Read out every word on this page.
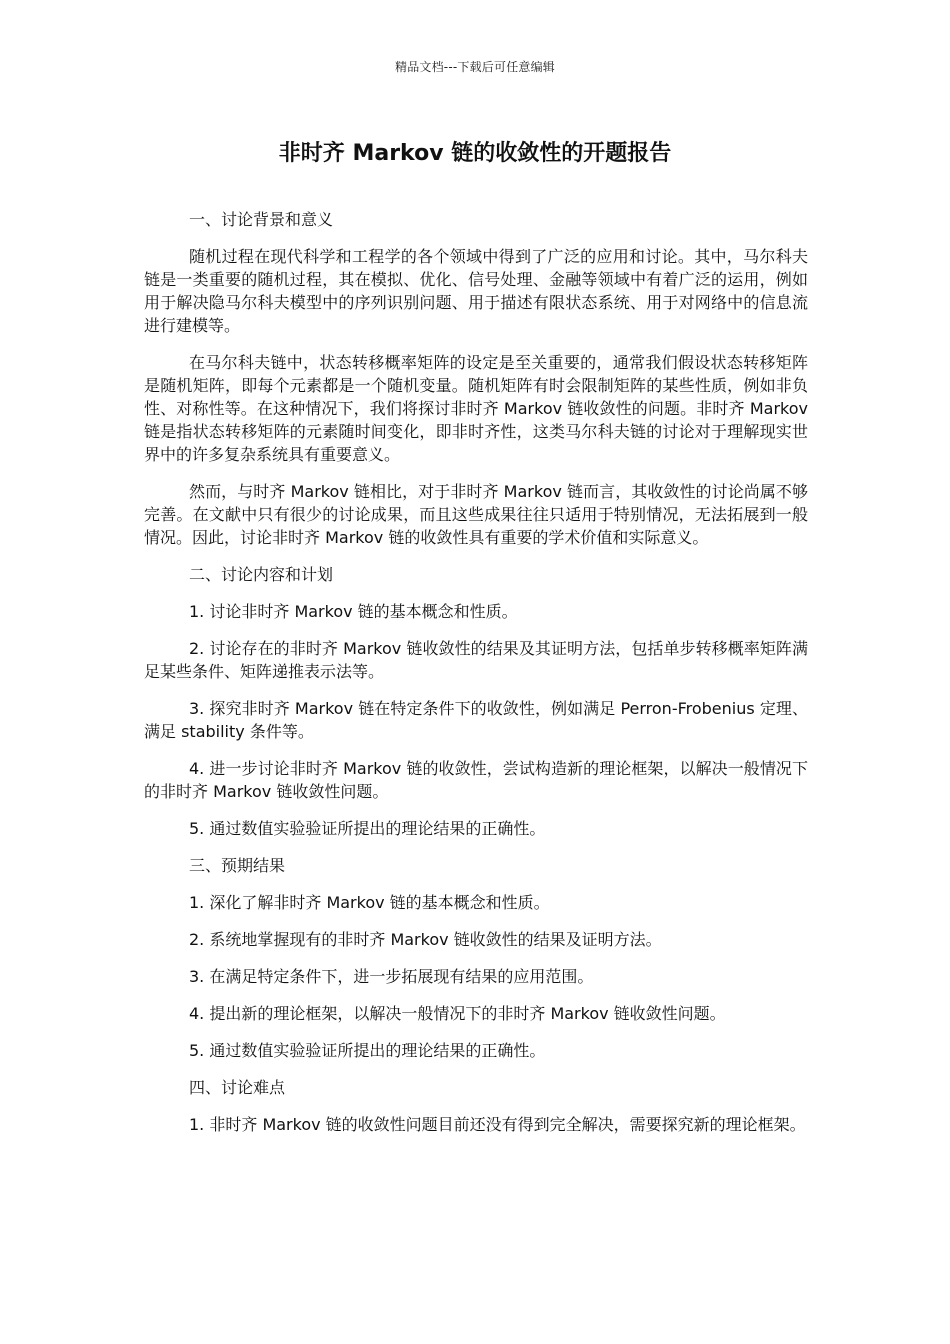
精品文档---下载后可任意编辑
非时齐 Markov 链的收敛性的开题报告

一、讨论背景和意义

随机过程在现代科学和工程学的各个领域中得到了广泛的应用和讨论。其中，马尔科夫链是一类重要的随机过程，其在模拟、优化、信号处理、金融等领域中有着广泛的运用，例如用于解决隐马尔科夫模型中的序列识别问题、用于描述有限状态系统、用于对网络中的信息流进行建模等。

在马尔科夫链中，状态转移概率矩阵的设定是至关重要的，通常我们假设状态转移矩阵是随机矩阵，即每个元素都是一个随机变量。随机矩阵有时会限制矩阵的某些性质，例如非负性、对称性等。在这种情况下，我们将探讨非时齐 Markov 链收敛性的问题。非时齐 Markov 链是指状态转移矩阵的元素随时间变化，即非时齐性，这类马尔科夫链的讨论对于理解现实世界中的许多复杂系统具有重要意义。

然而，与时齐 Markov 链相比，对于非时齐 Markov 链而言，其收敛性的讨论尚属不够完善。在文献中只有很少的讨论成果，而且这些成果往往只适用于特别情况，无法拓展到一般情况。因此，讨论非时齐 Markov 链的收敛性具有重要的学术价值和实际意义。

二、讨论内容和计划

1. 讨论非时齐 Markov 链的基本概念和性质。

2. 讨论存在的非时齐 Markov 链收敛性的结果及其证明方法，包括单步转移概率矩阵满足某些条件、矩阵递推表示法等。

3. 探究非时齐 Markov 链在特定条件下的收敛性，例如满足 Perron-Frobenius 定理、满足 stability 条件等。

4. 进一步讨论非时齐 Markov 链的收敛性，尝试构造新的理论框架，以解决一般情况下的非时齐 Markov 链收敛性问题。

5. 通过数值实验验证所提出的理论结果的正确性。

三、预期结果

1. 深化了解非时齐 Markov 链的基本概念和性质。

2. 系统地掌握现有的非时齐 Markov 链收敛性的结果及证明方法。

3. 在满足特定条件下，进一步拓展现有结果的应用范围。

4. 提出新的理论框架，以解决一般情况下的非时齐 Markov 链收敛性问题。

5. 通过数值实验验证所提出的理论结果的正确性。

四、讨论难点

1. 非时齐 Markov 链的收敛性问题目前还没有得到完全解决，需要探究新的理论框架。
